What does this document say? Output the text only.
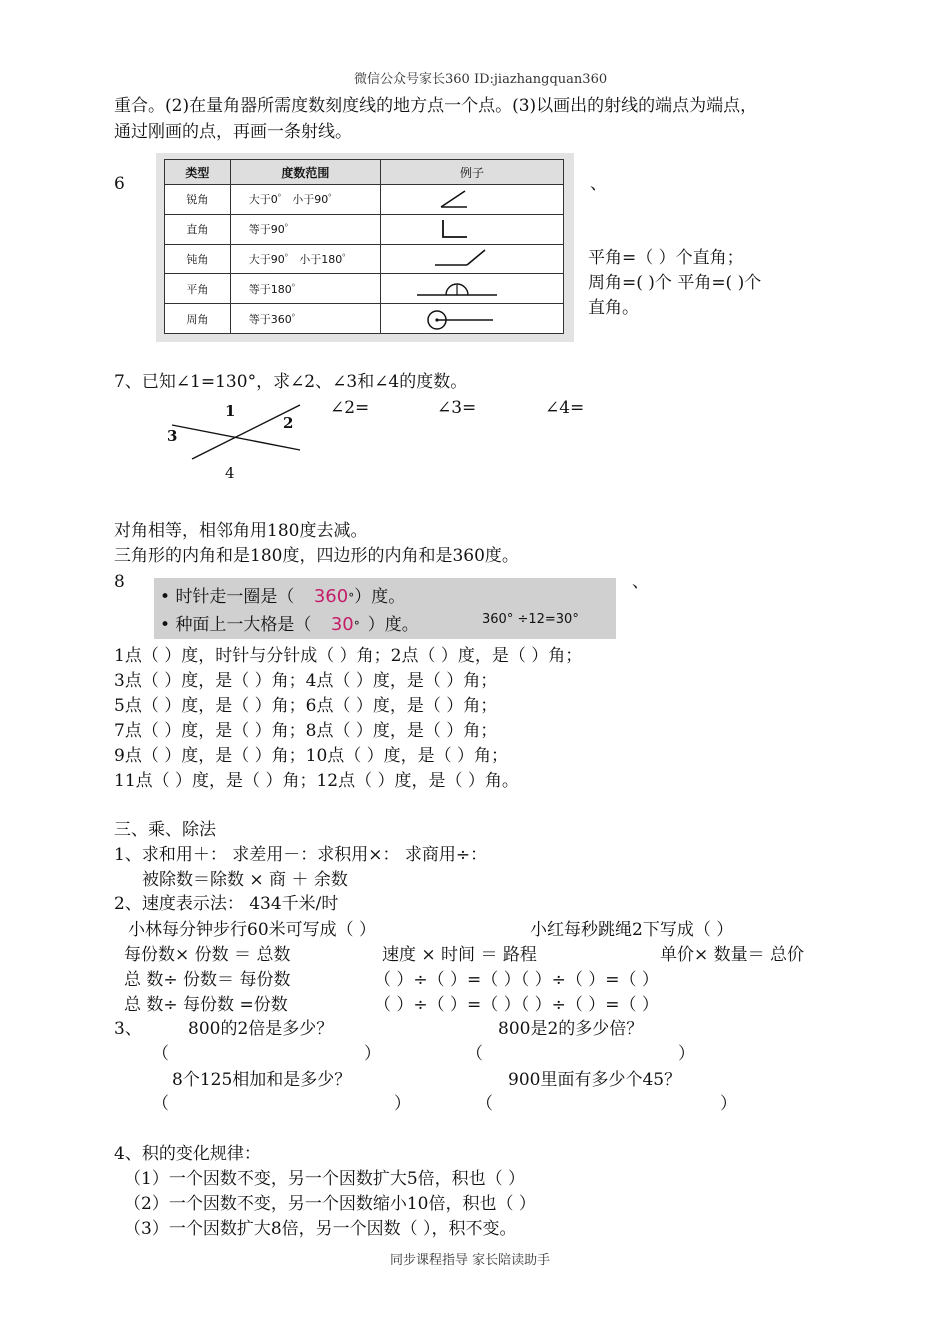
微信公众号家长360 ID:jiazhangquan360
重合。(2)在量角器所需度数刻度线的地方点一个点。(3)以画出的射线的端点为端点，
通过刚画的点，再画一条射线。
6	、
类型	度数范围	例子
锐角	大于0゜ 小于90゜	

直角	等于90゜	

钝角	大于90゜ 小于180゜	

平角	等于180゜	

周角	等于360゜	
平角=（ ）个直角；
周角=( )个 平角=( )个
直角。
7、已知∠1=130°，求∠2、∠3和∠4的度数。
1
2
3
4
∠2=	∠3=	∠4=
对角相等，相邻角用180度去减。
三角形的内角和是180度，四边形的内角和是360度。
8	、
• 时针走一圈是（ 360°）度。
• 种面上一大格是（ 30° ）度。	360° ÷12=30°
1点（ ）度，时针与分针成（ ）角；2点（ ）度，是（ ）角；
3点（ ）度，是（ ）角；4点（ ）度，是（ ）角；
5点（ ）度，是（ ）角；6点（ ）度，是（ ）角；
7点（ ）度，是（ ）角；8点（ ）度，是（ ）角；
9点（ ）度，是（ ）角；10点（ ）度，是（ ）角；
11点（ ）度，是（ ）角；12点（ ）度，是（ ）角。
三、乘、除法
1、求和用＋： 求差用－：求积用×： 求商用÷：
被除数＝除数 × 商 ＋ 余数
2、速度表示法： 434千米/时
小林每分钟步行60米可写成（ ）	小红每秒跳绳2下写成（ ）
每份数× 份数 ＝ 总数	速度 × 时间 ＝ 路程	单价× 数量＝ 总价
总 数÷ 份数＝ 每份数	（ ）÷（ ）=（ ）（ ）÷（ ）=（ ）
总 数÷ 每份数 =份数	（ ）÷（ ）=（ ）（ ）÷（ ）=（ ）
3、	800的2倍是多少？	800是2的多少倍？
（	）	（	）
8个125相加和是多少？	900里面有多少个45？
（	）	（	）
4、积的变化规律：
（1）一个因数不变，另一个因数扩大5倍，积也（ ）
（2）一个因数不变，另一个因数缩小10倍，积也（ ）
（3）一个因数扩大8倍，另一个因数（ ），积不变。
同步课程指导 家长陪读助手
